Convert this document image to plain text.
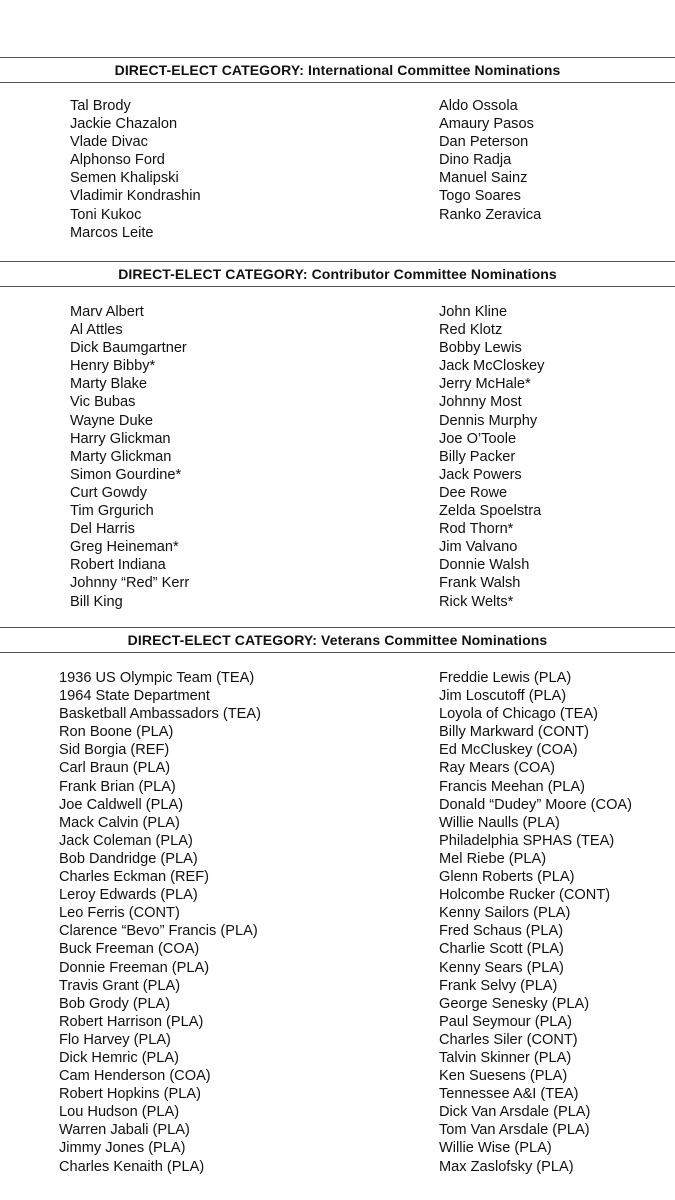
DIRECT-ELECT CATEGORY: International Committee Nominations
Tal Brody
Jackie Chazalon
Vlade Divac
Alphonso Ford
Semen Khalipski
Vladimir Kondrashin
Toni Kukoc
Marcos Leite
Aldo Ossola
Amaury Pasos
Dan Peterson
Dino Radja
Manuel Sainz
Togo Soares
Ranko Zeravica
DIRECT-ELECT CATEGORY: Contributor Committee Nominations
Marv Albert
Al Attles
Dick Baumgartner
Henry Bibby*
Marty Blake
Vic Bubas
Wayne Duke
Harry Glickman
Marty Glickman
Simon Gourdine*
Curt Gowdy
Tim Grgurich
Del Harris
Greg Heineman*
Robert Indiana
Johnny “Red” Kerr
Bill King
John Kline
Red Klotz
Bobby Lewis
Jack McCloskey
Jerry McHale*
Johnny Most
Dennis Murphy
Joe O’Toole
Billy Packer
Jack Powers
Dee Rowe
Zelda Spoelstra
Rod Thorn*
Jim Valvano
Donnie Walsh
Frank Walsh
Rick Welts*
DIRECT-ELECT CATEGORY: Veterans Committee Nominations
1936 US Olympic Team (TEA)
1964 State Department
Basketball Ambassadors (TEA)
Ron Boone (PLA)
Sid Borgia (REF)
Carl Braun (PLA)
Frank Brian (PLA)
Joe Caldwell (PLA)
Mack Calvin (PLA)
Jack Coleman (PLA)
Bob Dandridge (PLA)
Charles Eckman (REF)
Leroy Edwards (PLA)
Leo Ferris (CONT)
Clarence “Bevo” Francis (PLA)
Buck Freeman (COA)
Donnie Freeman (PLA)
Travis Grant (PLA)
Bob Grody (PLA)
Robert Harrison (PLA)
Flo Harvey (PLA)
Dick Hemric (PLA)
Cam Henderson (COA)
Robert Hopkins (PLA)
Lou Hudson (PLA)
Warren Jabali (PLA)
Jimmy Jones (PLA)
Charles Kenaith (PLA)
Freddie Lewis (PLA)
Jim Loscutoff (PLA)
Loyola of Chicago (TEA)
Billy Markward (CONT)
Ed McCluskey (COA)
Ray Mears (COA)
Francis Meehan (PLA)
Donald “Dudey” Moore (COA)
Willie Naulls (PLA)
Philadelphia SPHAS (TEA)
Mel Riebe (PLA)
Glenn Roberts (PLA)
Holcombe Rucker (CONT)
Kenny Sailors (PLA)
Fred Schaus (PLA)
Charlie Scott (PLA)
Kenny Sears (PLA)
Frank Selvy (PLA)
George Senesky (PLA)
Paul Seymour (PLA)
Charles Siler (CONT)
Talvin Skinner (PLA)
Ken Suesens (PLA)
Tennessee A&I (TEA)
Dick Van Arsdale (PLA)
Tom Van Arsdale (PLA)
Willie Wise (PLA)
Max Zaslofsky (PLA)
